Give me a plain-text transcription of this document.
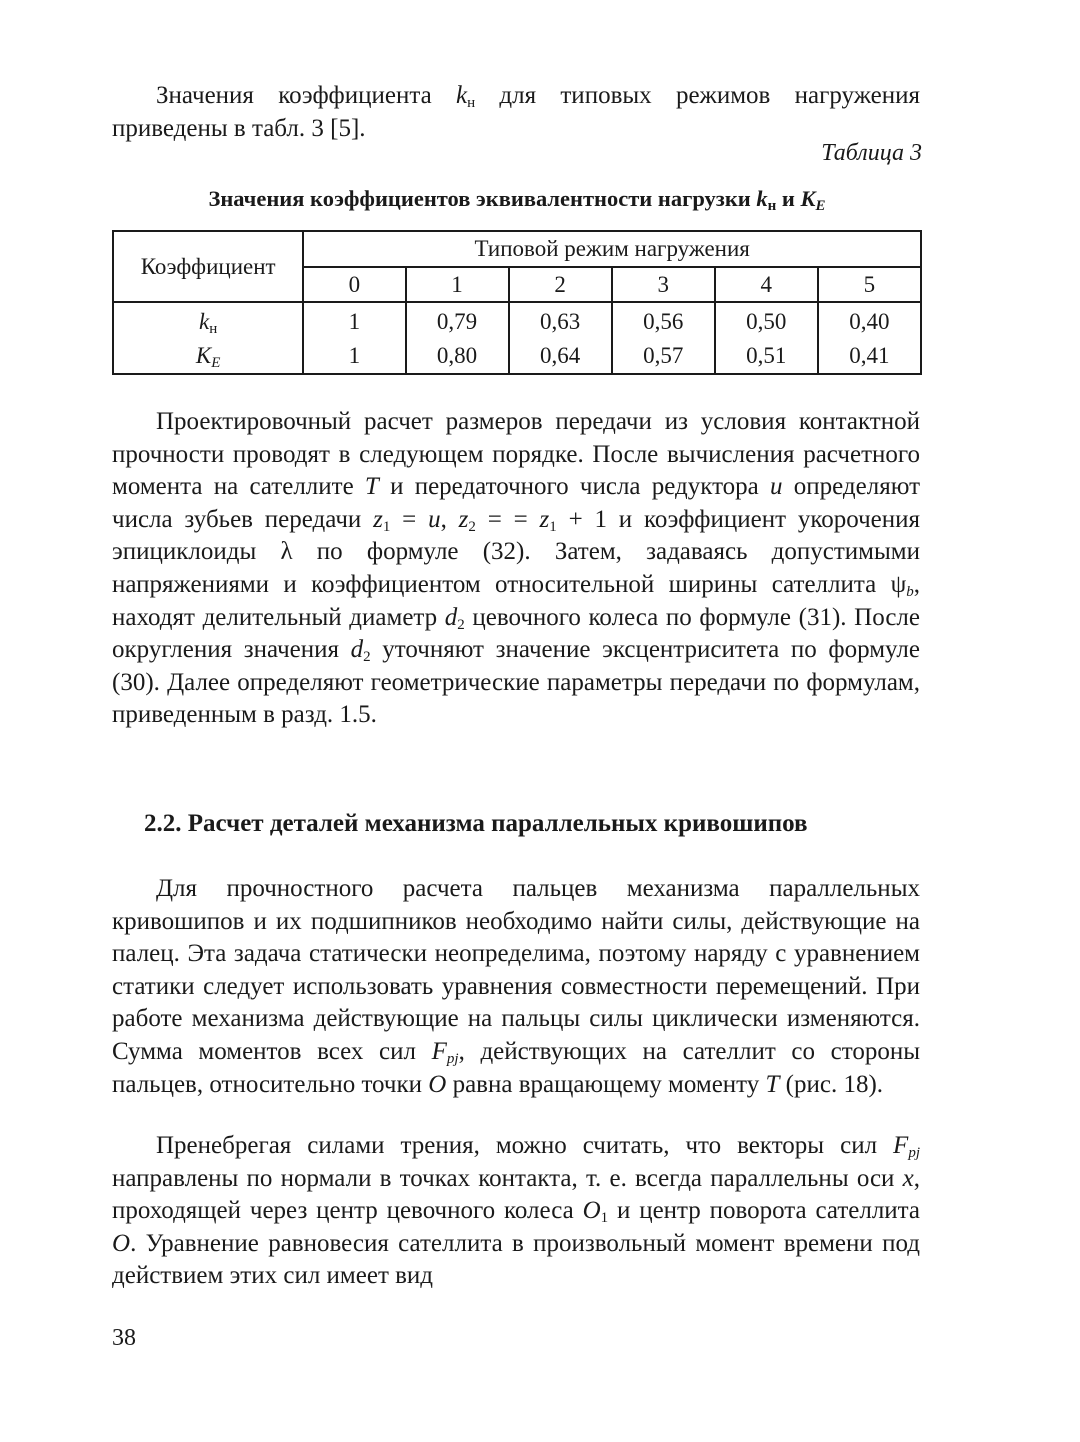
Значения коэффициента $k_н$ для типовых режимов нагружения приведены в табл. 3 [5].

Таблица 3

Значения коэффициентов эквивалентности нагрузки $k_н$ и $K_E$

Коэффициент	Типовой режим нагружения					
	0	1	2	3	4	5
$k_н$	1	0,79	0,63	0,56	0,50	0,40
$K_E$	1	0,80	0,64	0,57	0,51	0,41

Проектировочный расчет размеров передачи из условия контактной прочности проводят в следующем порядке. После вычисления расчетного момента на сателлите T и передаточного числа редуктора u определяют числа зубьев передачи $z_1 = u$, $z_2$ = = $z_1 + 1$ и коэффициент укорочения эпициклоиды λ по формуле (32). Затем, задаваясь допустимыми напряжениями и коэффициентом относительной ширины сателлита $\psi_b$, находят делительный диаметр $d_2$ цевочного колеса по формуле (31). После округления значения $d_2$ уточняют значение эксцентриситета по формуле (30). Далее определяют геометрические параметры передачи по формулам, приведенным в разд. 1.5.

2.2. Расчет деталей механизма параллельных кривошипов

Для прочностного расчета пальцев механизма параллельных кривошипов и их подшипников необходимо найти силы, действующие на палец. Эта задача статически неопределима, поэтому наряду с уравнением статики следует использовать уравнения совместности перемещений. При работе механизма действующие на пальцы силы циклически изменяются. Сумма моментов всех сил $F_{pj}$, действующих на сателлит со стороны пальцев, относительно точки O равна вращающему моменту T (рис. 18).

Пренебрегая силами трения, можно считать, что векторы сил $F_{pj}$ направлены по нормали в точках контакта, т. е. всегда параллельны оси x, проходящей через центр цевочного колеса $O_1$ и центр поворота сателлита O. Уравнение равновесия сателлита в произвольный момент времени под действием этих сил имеет вид

38
